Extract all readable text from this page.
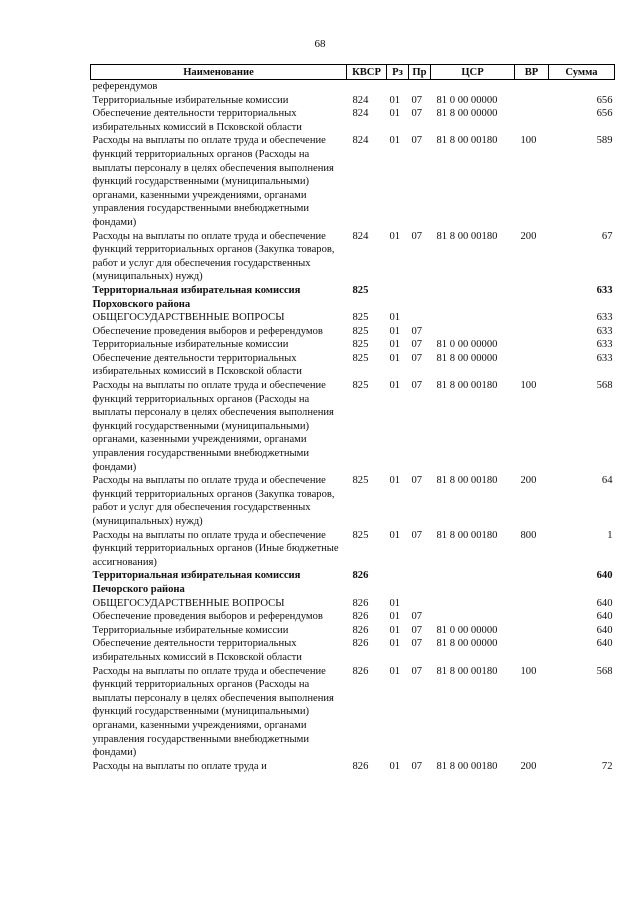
68
Наименование	КВСР	Рз	Пр	ЦСР	ВР	Сумма
референдумов						
Территориальные избирательные комиссии	824	01	07	81 0 00 00000		656
Обеспечение деятельности территориальных избирательных комиссий в Псковской области	824	01	07	81 8 00 00000		656
Расходы на выплаты по оплате труда и обеспечение функций территориальных органов (Расходы на выплаты персоналу в целях обеспечения выполнения функций государственными (муниципальными) органами, казенными учреждениями, органами управления государственными внебюджетными фондами)	824	01	07	81 8 00 00180	100	589
Расходы на выплаты по оплате труда и обеспечение функций территориальных органов (Закупка товаров, работ и услуг для обеспечения государственных (муниципальных) нужд)	824	01	07	81 8 00 00180	200	67
Территориальная избирательная комиссия Порховского района	825					633
ОБЩЕГОСУДАРСТВЕННЫЕ ВОПРОСЫ	825	01				633
Обеспечение проведения выборов и референдумов	825	01	07			633
Территориальные избирательные комиссии	825	01	07	81 0 00 00000		633
Обеспечение деятельности территориальных избирательных комиссий в Псковской области	825	01	07	81 8 00 00000		633
Расходы на выплаты по оплате труда и обеспечение функций территориальных органов (Расходы на выплаты персоналу в целях обеспечения выполнения функций государственными (муниципальными) органами, казенными учреждениями, органами управления государственными внебюджетными фондами)	825	01	07	81 8 00 00180	100	568
Расходы на выплаты по оплате труда и обеспечение функций территориальных органов (Закупка товаров, работ и услуг для обеспечения государственных (муниципальных) нужд)	825	01	07	81 8 00 00180	200	64
Расходы на выплаты по оплате труда и обеспечение функций территориальных органов (Иные бюджетные ассигнования)	825	01	07	81 8 00 00180	800	1
Территориальная избирательная комиссия Печорского района	826					640
ОБЩЕГОСУДАРСТВЕННЫЕ ВОПРОСЫ	826	01				640
Обеспечение проведения выборов и референдумов	826	01	07			640
Территориальные избирательные комиссии	826	01	07	81 0 00 00000		640
Обеспечение деятельности территориальных избирательных комиссий в Псковской области	826	01	07	81 8 00 00000		640
Расходы на выплаты по оплате труда и обеспечение функций территориальных органов (Расходы на выплаты персоналу в целях обеспечения выполнения функций государственными (муниципальными) органами, казенными учреждениями, органами управления государственными внебюджетными фондами)	826	01	07	81 8 00 00180	100	568
Расходы на выплаты по оплате труда и	826	01	07	81 8 00 00180	200	72
